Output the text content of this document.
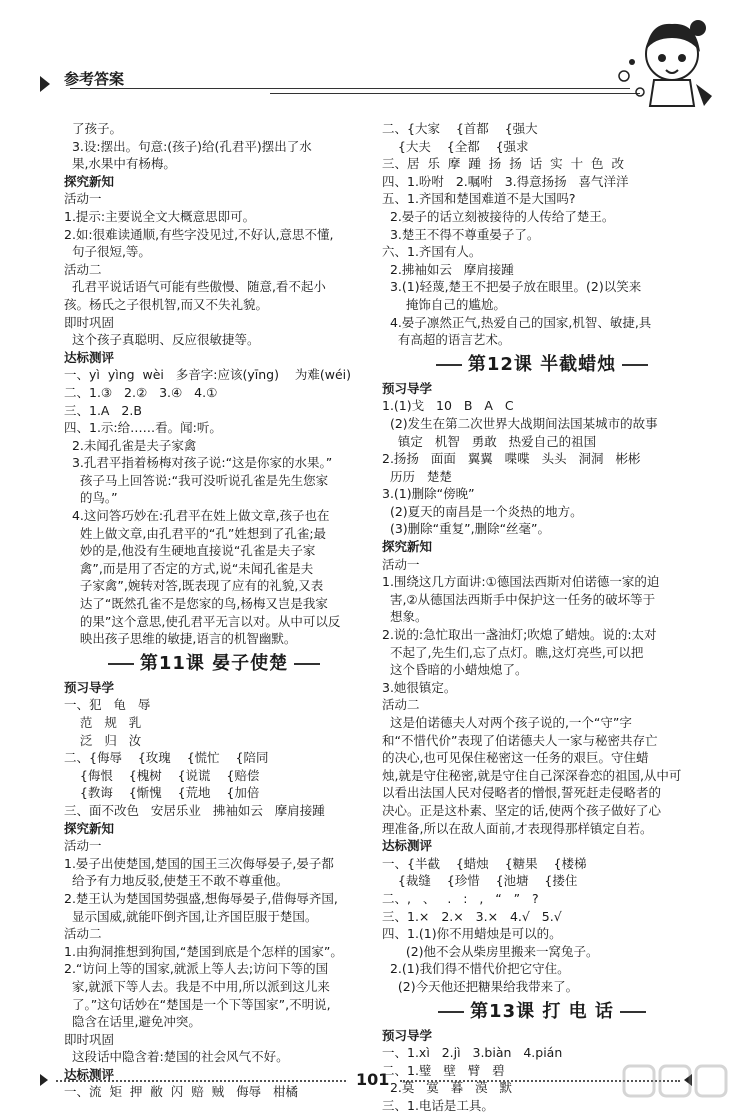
参考答案
了孩子。
3.设:摆出。句意:(孩子)给(孔君平)摆出了水
果,水果中有杨梅。
探究新知
活动一
1.提示:主要说全文大概意思即可。
2.如:很难读通顺,有些字没见过,不好认,意思不懂,
句子很短,等。
活动二
孔君平说话语气可能有些傲慢、随意,看不起小
孩。杨氏之子很机智,而又不失礼貌。
即时巩固
这个孩子真聪明、反应很敏捷等。
达标测评
一、yì  yìng  wèi   多音字:应该(yīng)    为难(wéi)
二、1.③   2.②   3.④   4.①
三、1.A   2.B
四、1.示:给……看。闻:听。
2.未闻孔雀是夫子家禽
3.孔君平指着杨梅对孩子说:“这是你家的水果。”
孩子马上回答说:“我可没听说孔雀是先生您家
的鸟。”
4.这问答巧妙在:孔君平在姓上做文章,孩子也在
姓上做文章,由孔君平的“孔”姓想到了孔雀;最
妙的是,他没有生硬地直接说“孔雀是夫子家
禽”,而是用了否定的方式,说“未闻孔雀是夫
子家禽”,婉转对答,既表现了应有的礼貌,又表
达了“既然孔雀不是您家的鸟,杨梅又岂是我家
的果”这个意思,使孔君平无言以对。从中可以反
映出孩子思维的敏捷,语言的机智幽默。
第11课 晏子使楚
预习导学
一、犯   龟   辱
范   规   乳
泛   归   汝
二、{侮辱    {玫瑰    {慌忙    {陪同
{侮恨    {槐树    {说谎    {赔偿
{教诲    {惭愧    {荒地    {加倍
三、面不改色   安居乐业   拂袖如云   摩肩接踵
探究新知
活动一
1.晏子出使楚国,楚国的国王三次侮辱晏子,晏子都
给予有力地反驳,使楚王不敢不尊重他。
2.楚王认为楚国国势强盛,想侮辱晏子,借侮辱齐国,
显示国威,就能吓倒齐国,让齐国臣服于楚国。
活动二
1.由狗洞推想到狗国,“楚国到底是个怎样的国家”。
2.“访问上等的国家,就派上等人去;访问下等的国
家,就派下等人去。我是不中用,所以派到这儿来
了。”这句话妙在“楚国是一个下等国家”,不明说,
隐含在话里,避免冲突。
即时巩固
这段话中隐含着:楚国的社会风气不好。
达标测评
一、流  矩  押  敝  闪  赔  贼   侮辱   柑橘
二、{大家    {首都    {强大
{大夫    {全都    {强求
三、居  乐  摩  踵  扬  扬  话  实  十  色  改
四、1.吩咐   2.嘱咐   3.得意扬扬   喜气洋洋
五、1.齐国和楚国难道不是大国吗?
2.晏子的话立刻被接待的人传给了楚王。
3.楚王不得不尊重晏子了。
六、1.齐国有人。
2.拂袖如云   摩肩接踵
3.(1)轻蔑,楚王不把晏子放在眼里。(2)以笑来
掩饰自己的尴尬。
4.晏子凛然正气,热爱自己的国家,机智、敏捷,具
有高超的语言艺术。
第12课 半截蜡烛
预习导学
1.(1)戈   10   B   A   C
(2)发生在第二次世界大战期间法国某城市的故事
镇定   机智   勇敢   热爱自己的祖国
2.扬扬   面面   翼翼   喋喋   头头   洞洞   彬彬
历历   楚楚
3.(1)删除“傍晚”
(2)夏天的南昌是一个炎热的地方。
(3)删除“重复”,删除“丝毫”。
探究新知
活动一
1.围绕这几方面讲:①德国法西斯对伯诺德一家的迫
害,②从德国法西斯手中保护这一任务的破坏等于
想象。
2.说的:急忙取出一盏油灯;吹熄了蜡烛。说的:太对
不起了,先生们,忘了点灯。瞧,这灯亮些,可以把
这个昏暗的小蜡烛熄了。
3.她很镇定。
活动二
这是伯诺德夫人对两个孩子说的,一个“守”字
和“不惜代价”表现了伯诺德夫人一家与秘密共存亡
的决心,也可见保住秘密这一任务的艰巨。守住蜡
烛,就是守住秘密,就是守住自己深深眷恋的祖国,从中可
以看出法国人民对侵略者的憎恨,誓死赶走侵略者的
决心。正是这朴素、坚定的话,使两个孩子做好了心
理准备,所以在敌人面前,才表现得那样镇定自若。
达标测评
一、{半截    {蜡烛    {糖果    {楼梯
{裁缝    {珍惜    {池塘    {搂住
二、,   、   .   :   ,   “   ”   ?
三、1.×   2.×   3.×   4.√   5.√
四、1.(1)你不用蜡烛是可以的。
(2)他不会从柴房里搬来一窝兔子。
2.(1)我们得不惜代价把它守住。
(2)今天他还把糖果给我带来了。
第13课 打 电 话
预习导学
一、1.xì   2.jì   3.biàn   4.pián
二、1.璧   壁   臂   碧
2.莫   寞   暮   漠   默
三、1.电话是工具。
101
